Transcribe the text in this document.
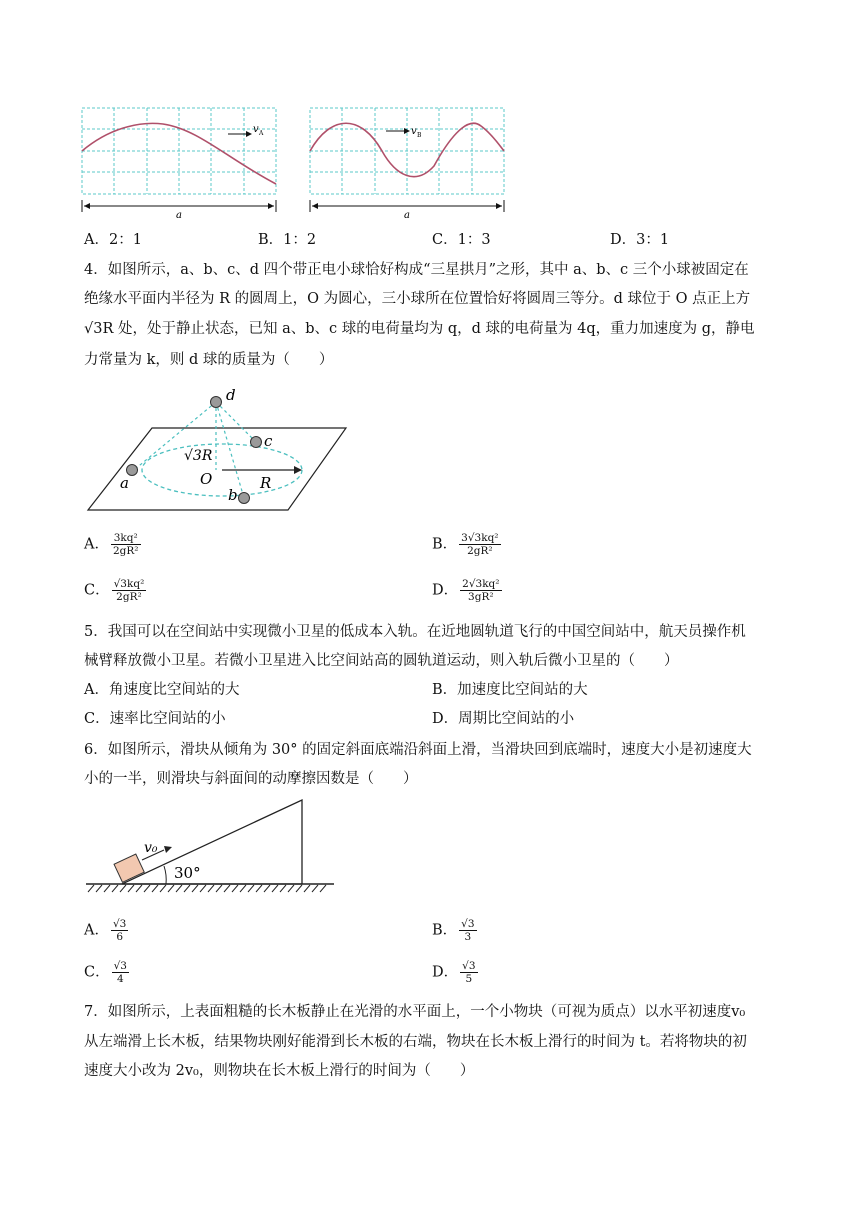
v A
a
v B
a
A．2：1	B．1：2	C．1：3	D．3：1
4．如图所示，a、b、c、d 四个带正电小球恰好构成“三星拱月”之形，其中 a、b、c 三个小球被固定在
绝缘水平面内半径为 R 的圆周上，O 为圆心，三小球所在位置恰好将圆周三等分。d 球位于 O 点正上方
√3R 处，处于静止状态，已知 a、b、c 球的电荷量均为 q，d 球的电荷量为 4q，重力加速度为 g，静电
力常量为 k，则 d 球的质量为（　　）
d
c
a
b
O	R
√3R
A． $\frac{\text{3kq²}}{\text{2gR²}}$	B． $\frac{\text{3√3kq²}}{\text{2gR²}}$
C． $\frac{\text{√3kq²}}{\text{2gR²}}$	D． $\frac{\text{2√3kq²}}{\text{3gR²}}$
5．我国可以在空间站中实现微小卫星的低成本入轨。在近地圆轨道飞行的中国空间站中，航天员操作机
械臂释放微小卫星。若微小卫星进入比空间站高的圆轨道运动，则入轨后微小卫星的（　　）
A．角速度比空间站的大	B．加速度比空间站的大
C．速率比空间站的小	D．周期比空间站的小
6．如图所示，滑块从倾角为 30° 的固定斜面底端沿斜面上滑，当滑块回到底端时，速度大小是初速度大
小的一半，则滑块与斜面间的动摩擦因数是（　　）
v₀
30°
A． $\frac{√3}{6}$	B． $\frac{√3}{3}$
C． $\frac{√3}{4}$	D． $\frac{√3}{5}$
7．如图所示，上表面粗糙的长木板静止在光滑的水平面上，一个小物块（可视为质点）以水平初速度v₀
从左端滑上长木板，结果物块刚好能滑到长木板的右端，物块在长木板上滑行的时间为 t。若将物块的初
速度大小改为 2v₀，则物块在长木板上滑行的时间为（　　）
